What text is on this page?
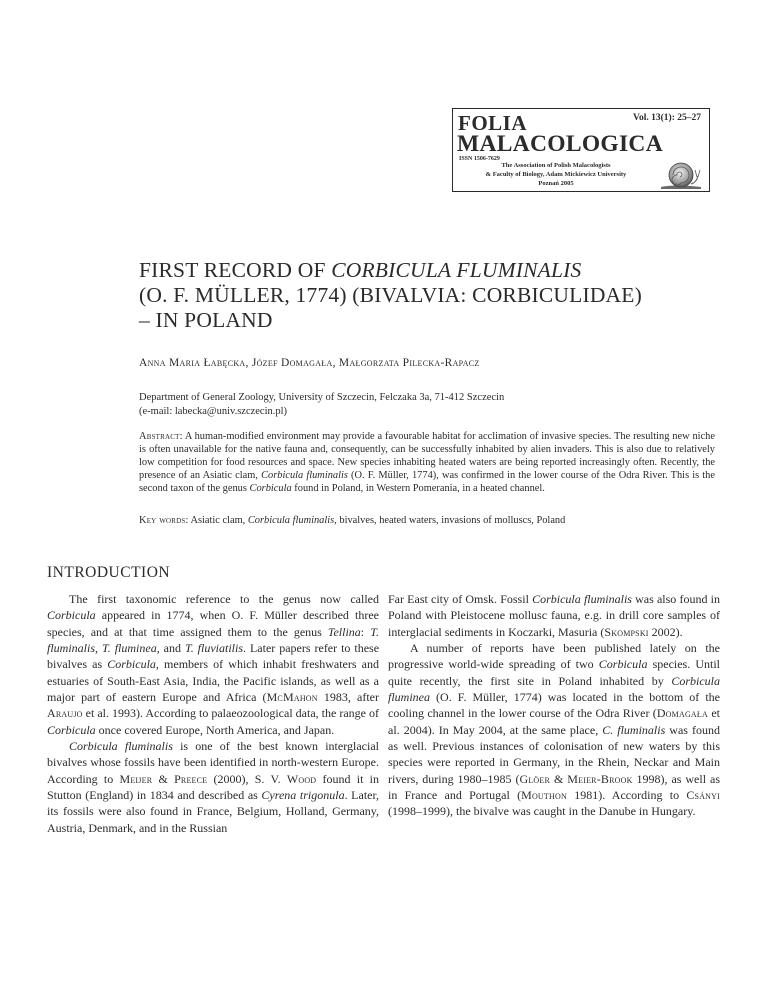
Vol. 13(1): 25–27
FOLIA
MALACOLOGICA
ISSN 1506-7629
The Association of Polish Malacologists
& Faculty of Biology, Adam Mickiewicz University
Poznań 2005
FIRST RECORD OF CORBICULA FLUMINALIS
(O. F. MÜLLER, 1774) (BIVALVIA: CORBICULIDAE)
– IN POLAND
Anna Maria Łabęcka, Józef Domagała, Małgorzata Pilecka-Rapacz
Department of General Zoology, University of Szczecin, Felczaka 3a, 71-412 Szczecin
(e-mail: labecka@univ.szczecin.pl)
Abstract: A human-modified environment may provide a favourable habitat for acclimation of invasive species. The resulting new niche is often unavailable for the native fauna and, consequently, can be successfully inhabited by alien invaders. This is also due to relatively low competition for food resources and space. New species inhabiting heated waters are being reported increasingly often. Recently, the presence of an Asiatic clam, Corbicula fluminalis (O. F. Müller, 1774), was confirmed in the lower course of the Odra River. This is the second taxon of the genus Corbicula found in Poland, in Western Pomerania, in a heated channel.
Key words: Asiatic clam, Corbicula fluminalis, bivalves, heated waters, invasions of molluscs, Poland
INTRODUCTION

The first taxonomic reference to the genus now called Corbicula appeared in 1774, when O. F. Müller described three species, and at that time assigned them to the genus Tellina: T. fluminalis, T. fluminea, and T. fluviatilis. Later papers refer to these bivalves as Corbicula, members of which inhabit freshwaters and estuaries of South-East Asia, India, the Pacific islands, as well as a major part of eastern Europe and Africa (McMahon 1983, after Araujo et al. 1993). According to palaeozoological data, the range of Corbicula once covered Europe, North America, and Japan.

Corbicula fluminalis is one of the best known interglacial bivalves whose fossils have been identified in north-western Europe. According to Meijer & Preece (2000), S. V. Wood found it in Stutton (England) in 1834 and described as Cyrena trigonula. Later, its fossils were also found in France, Belgium, Holland, Germany, Austria, Denmark, and in the Russian

Far East city of Omsk. Fossil Corbicula fluminalis was also found in Poland with Pleistocene mollusc fauna, e.g. in drill core samples of interglacial sediments in Koczarki, Masuria (Skompski 2002).

A number of reports have been published lately on the progressive world-wide spreading of two Corbicula species. Until quite recently, the first site in Poland inhabited by Corbicula fluminea (O. F. Müller, 1774) was located in the bottom of the cooling channel in the lower course of the Odra River (Domagała et al. 2004). In May 2004, at the same place, C. fluminalis was found as well. Previous instances of colonisation of new waters by this species were reported in Germany, in the Rhein, Neckar and Main rivers, during 1980–1985 (Glöer & Meier-Brook 1998), as well as in France and Portugal (Mouthon 1981). According to Csányi (1998–1999), the bivalve was caught in the Danube in Hungary.
